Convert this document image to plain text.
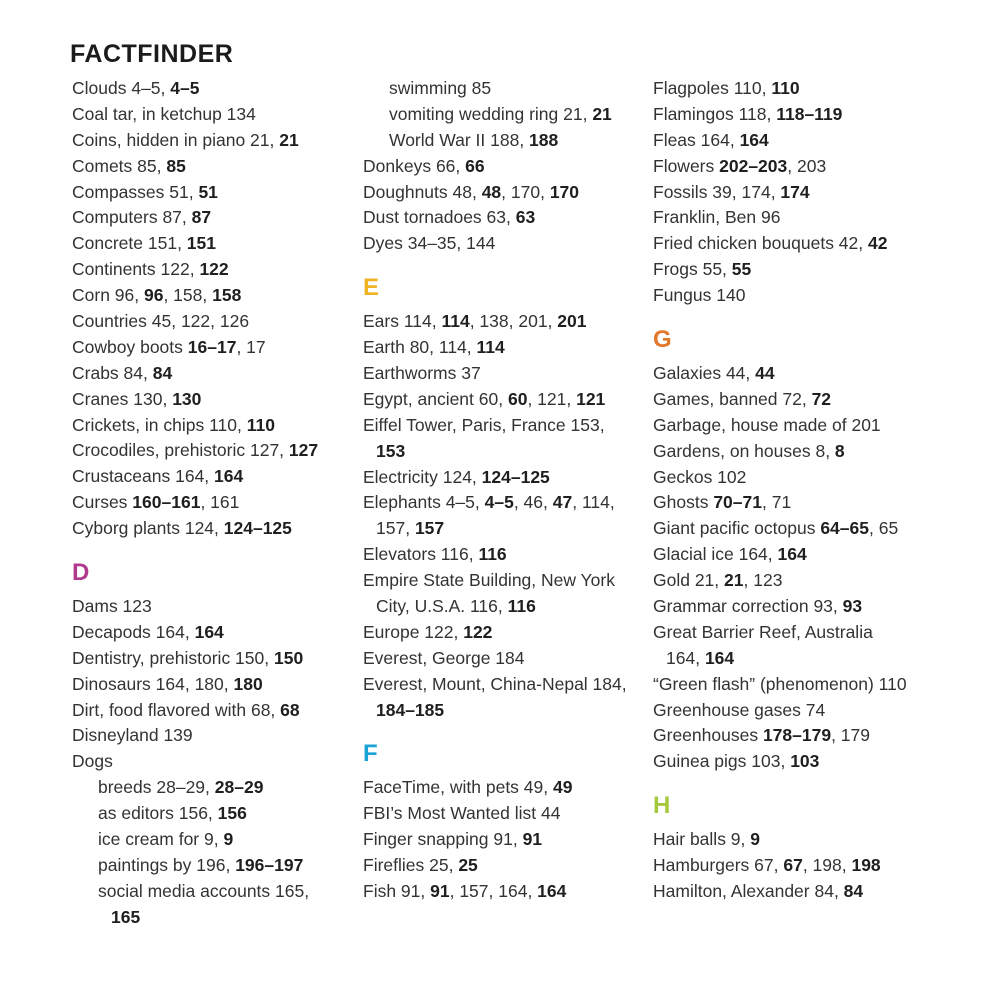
FACTFINDER
Clouds 4–5, 4–5
Coal tar, in ketchup 134
Coins, hidden in piano 21, 21
Comets 85, 85
Compasses 51, 51
Computers 87, 87
Concrete 151, 151
Continents 122, 122
Corn 96, 96, 158, 158
Countries 45, 122, 126
Cowboy boots 16–17, 17
Crabs 84, 84
Cranes 130, 130
Crickets, in chips 110, 110
Crocodiles, prehistoric 127, 127
Crustaceans 164, 164
Curses 160–161, 161
Cyborg plants 124, 124–125
D
Dams 123
Decapods 164, 164
Dentistry, prehistoric 150, 150
Dinosaurs 164, 180, 180
Dirt, food flavored with 68, 68
Disneyland 139
Dogs
breeds 28–29, 28–29
as editors 156, 156
ice cream for 9, 9
paintings by 196, 196–197
social media accounts 165,
165
swimming 85
vomiting wedding ring 21, 21
World War II 188, 188
Donkeys 66, 66
Doughnuts 48, 48, 170, 170
Dust tornadoes 63, 63
Dyes 34–35, 144
E
Ears 114, 114, 138, 201, 201
Earth 80, 114, 114
Earthworms 37
Egypt, ancient 60, 60, 121, 121
Eiffel Tower, Paris, France 153,
153
Electricity 124, 124–125
Elephants 4–5, 4–5, 46, 47, 114,
157, 157
Elevators 116, 116
Empire State Building, New York
City, U.S.A. 116, 116
Europe 122, 122
Everest, George 184
Everest, Mount, China-Nepal 184,
184–185
F
FaceTime, with pets 49, 49
FBI’s Most Wanted list 44
Finger snapping 91, 91
Fireflies 25, 25
Fish 91, 91, 157, 164, 164
Flagpoles 110, 110
Flamingos 118, 118–119
Fleas 164, 164
Flowers 202–203, 203
Fossils 39, 174, 174
Franklin, Ben 96
Fried chicken bouquets 42, 42
Frogs 55, 55
Fungus 140
G
Galaxies 44, 44
Games, banned 72, 72
Garbage, house made of 201
Gardens, on houses 8, 8
Geckos 102
Ghosts 70–71, 71
Giant pacific octopus 64–65, 65
Glacial ice 164, 164
Gold 21, 21, 123
Grammar correction 93, 93
Great Barrier Reef, Australia
164, 164
“Green flash” (phenomenon) 110
Greenhouse gases 74
Greenhouses 178–179, 179
Guinea pigs 103, 103
H
Hair balls 9, 9
Hamburgers 67, 67, 198, 198
Hamilton, Alexander 84, 84
